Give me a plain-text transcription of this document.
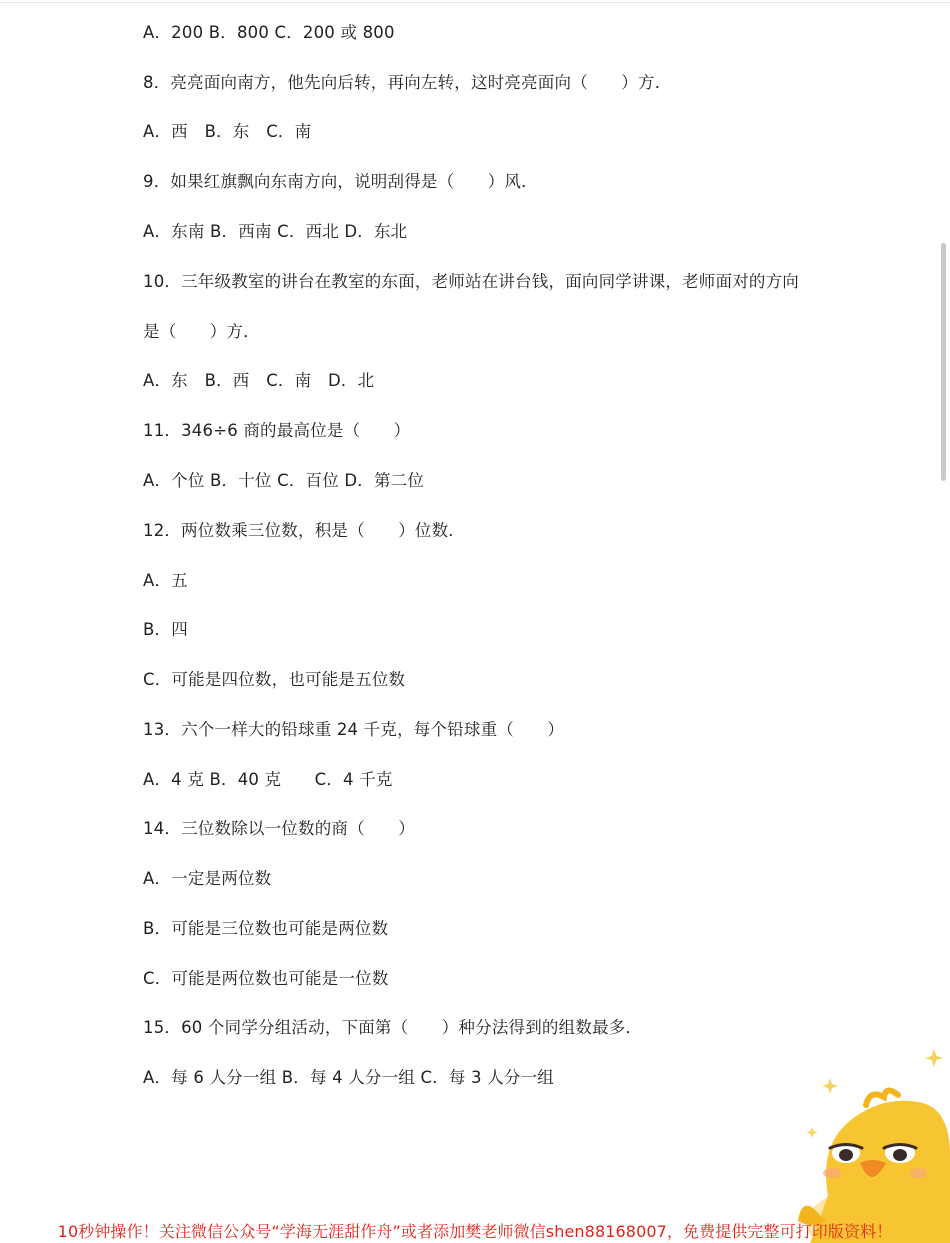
A．200 B．800 C．200 或 800
8．亮亮面向南方，他先向后转，再向左转，这时亮亮面向（　　）方．
A．西　B．东　C．南
9．如果红旗飘向东南方向，说明刮得是（　　）风．
A．东南 B．西南 C．西北 D．东北
10．三年级教室的讲台在教室的东面，老师站在讲台钱，面向同学讲课，老师面对的方向
是（　　）方．
A．东　B．西　C．南　D．北
11．346÷6 商的最高位是（　　）
A．个位 B．十位 C．百位 D．第二位
12．两位数乘三位数，积是（　　）位数．
A．五
B．四
C．可能是四位数，也可能是五位数
13．六个一样大的铅球重 24 千克，每个铅球重（　　）
A．4 克 B．40 克　　C．4 千克
14．三位数除以一位数的商（　　）
A．一定是两位数
B．可能是三位数也可能是两位数
C．可能是两位数也可能是一位数
15．60 个同学分组活动，下面第（　　）种分法得到的组数最多．
A．每 6 人分一组 B．每 4 人分一组 C．每 3 人分一组
10秒钟操作！关注微信公众号“学海无涯甜作舟”或者添加樊老师微信shen88168007，免费提供完整可打印版资料！
